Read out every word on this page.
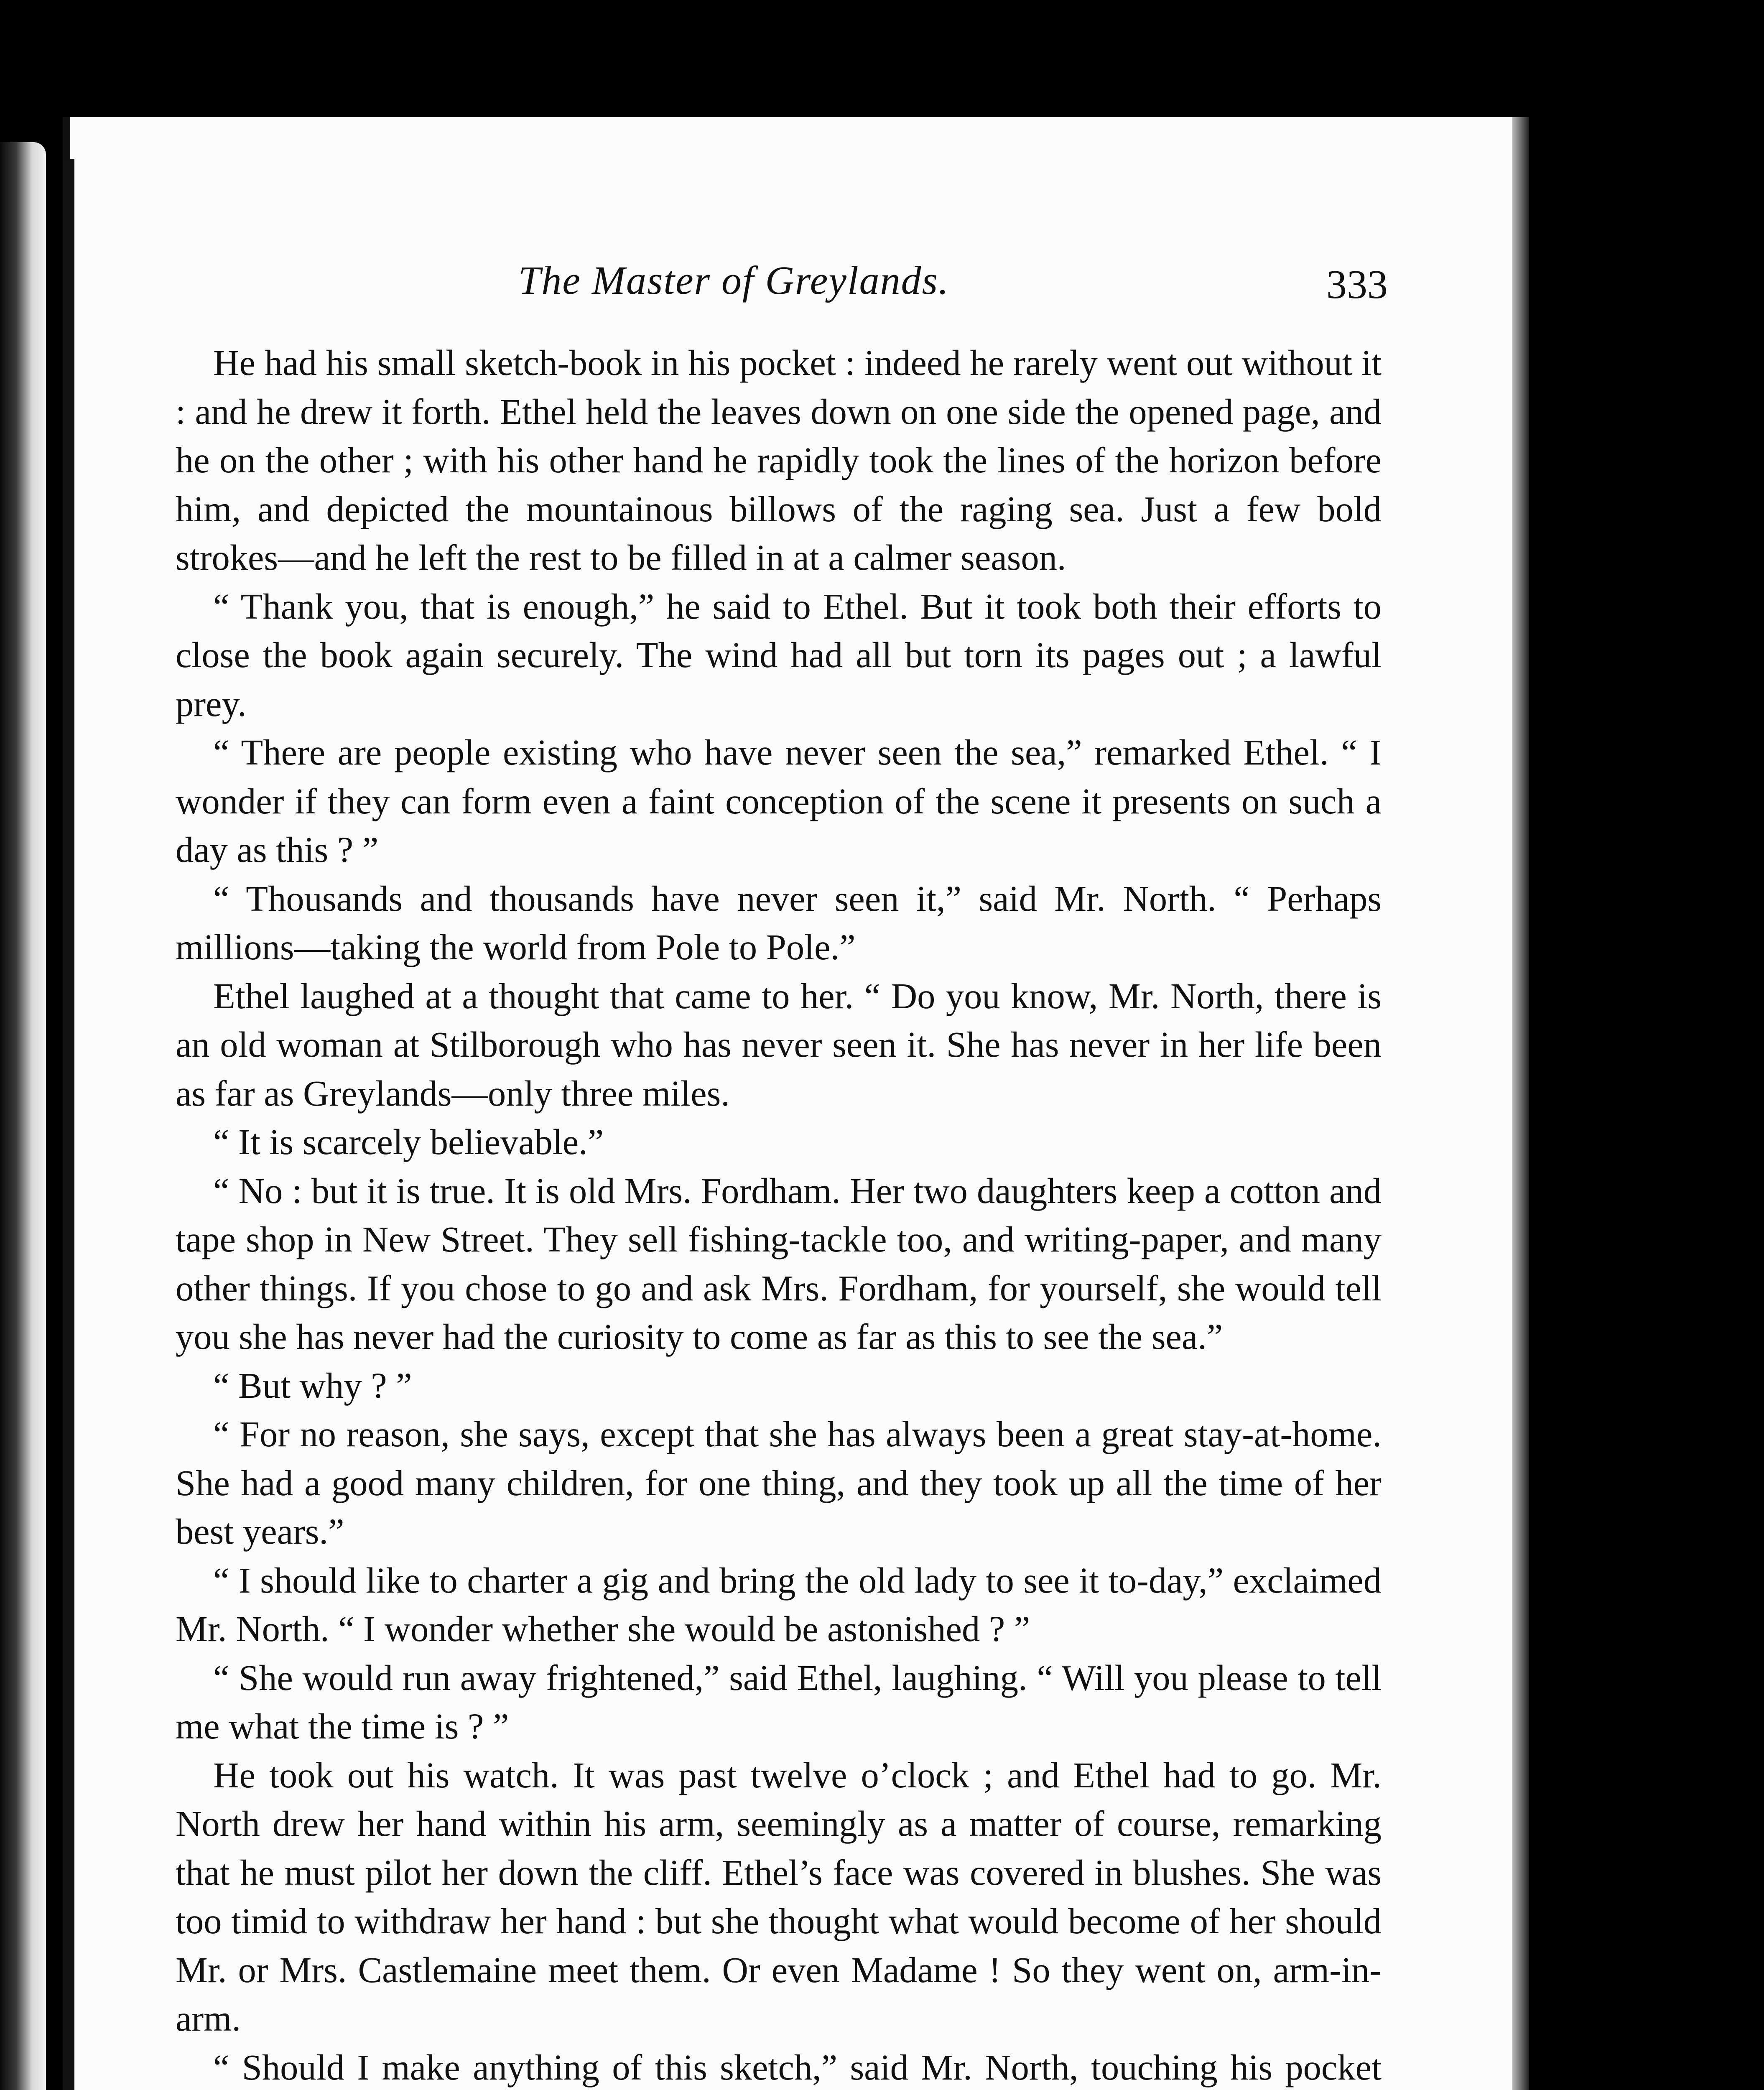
The Master of Greylands.	333

He had his small sketch-book in his pocket : indeed he rarely went out without it : and he drew it forth. Ethel held the leaves down on one side the opened page, and he on the other ; with his other hand he rapidly took the lines of the horizon before him, and depicted the mountainous billows of the raging sea. Just a few bold strokes—and he left the rest to be filled in at a calmer season.

“ Thank you, that is enough,” he said to Ethel. But it took both their efforts to close the book again securely. The wind had all but torn its pages out ; a lawful prey.

“ There are people existing who have never seen the sea,” remarked Ethel. “ I wonder if they can form even a faint conception of the scene it presents on such a day as this ? ”

“ Thousands and thousands have never seen it,” said Mr. North. “ Perhaps millions—taking the world from Pole to Pole.”

Ethel laughed at a thought that came to her. “ Do you know, Mr. North, there is an old woman at Stilborough who has never seen it. She has never in her life been as far as Greylands—only three miles.

“ It is scarcely believable.”

“ No : but it is true. It is old Mrs. Fordham. Her two daughters keep a cotton and tape shop in New Street. They sell fishing-tackle too, and writing-paper, and many other things. If you chose to go and ask Mrs. Fordham, for yourself, she would tell you she has never had the curiosity to come as far as this to see the sea.”

“ But why ? ”

“ For no reason, she says, except that she has always been a great stay-at-home. She had a good many children, for one thing, and they took up all the time of her best years.”

“ I should like to charter a gig and bring the old lady to see it to-day,” exclaimed Mr. North. “ I wonder whether she would be astonished ? ”

“ She would run away frightened,” said Ethel, laughing. “ Will you please to tell me what the time is ? ”

He took out his watch. It was past twelve o’clock ; and Ethel had to go. Mr. North drew her hand within his arm, seemingly as a matter of course, remarking that he must pilot her down the cliff. Ethel’s face was covered in blushes. She was too timid to withdraw her hand : but she thought what would become of her should Mr. or Mrs. Castlemaine meet them. Or even Madame ! So they went on, arm-in-arm.

“ Should I make anything of this sketch,” said Mr. North, touching his pocket
